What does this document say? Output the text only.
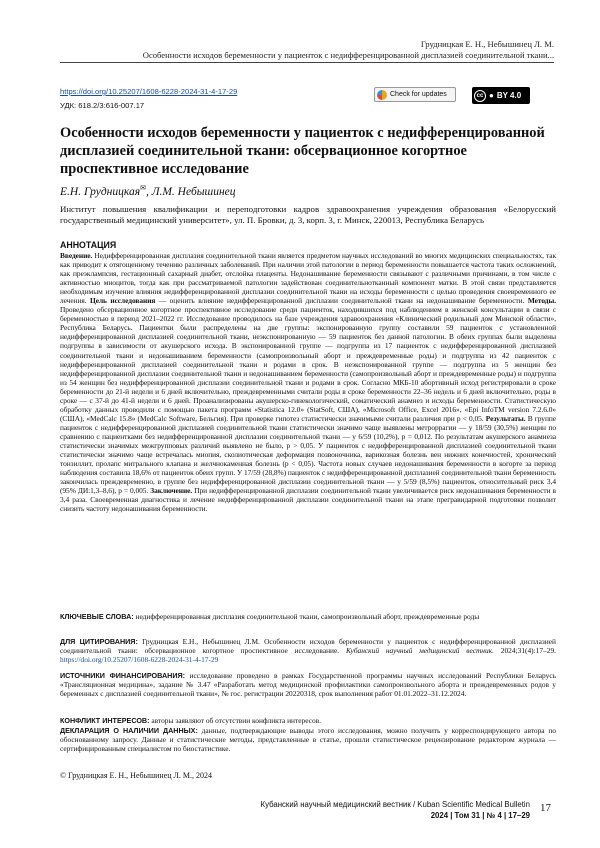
Грудницкая Е. Н., Небышинец Л. М.
Особенности исходов беременности у пациенток с недифференцированной дисплазией соединительной ткани...
https://doi.org/10.25207/1608-6228-2024-31-4-17-29
УДК: 618.2/3:616-007.17
Check for updates	cc ● BY 4.0
Особенности исходов беременности у пациенток с недифференцированной дисплазией соединительной ткани: обсервационное когортное проспективное исследование
Е.Н. Грудницкая✉, Л.М. Небышинец
Институт повышения квалификации и переподготовки кадров здравоохранения учреждения образования «Белорусский государственный медицинский университет», ул. П. Бровки, д. 3, корп. 3, г. Минск, 220013, Республика Беларусь
АННОТАЦИЯ
Введение. Недифференцированная дисплазия соединительной ткани является предметом научных исследований во многих медицинских специальностях, так как приводит к отягощенному течению различных заболеваний. При наличии этой патологии в период беременности повышается частота таких осложнений, как преэклампсия, гестационный сахарный диабет, отслойка плаценты. Недонашивание беременности связывают с различными причинами, в том числе с активностью миоцитов, тогда как при рассматриваемой патологии задействован соединительнотканный компонент матки. В этой связи представляется необходимым изучение влияния недифференцированной дисплазии соединительной ткани на исходы беременности с целью проведения своевременного ее лечения. Цель исследования — оценить влияние недифференцированной дисплазии соединительной ткани на недонашивание беременности. Методы. Проведено обсервационное когортное проспективное исследование среди пациенток, находившихся под наблюдением в женской консультации в связи с беременностью в период 2021–2022 гг. Исследование проводилось на базе учреждения здравоохранения «Клинический родильный дом Минской области», Республика Беларусь. Пациентки были распределены на две группы: экспонированную группу составили 59 пациенток с установленной недифференцированной дисплазией соединительной ткани, неэкспонированную — 59 пациенток без данной патологии. В обеих группах были выделены подгруппы в зависимости от акушерского исхода. В экспонированной группе — подгруппа из 17 пациенток с недифференцированной дисплазией соединительной ткани и недонашиванием беременности (самопроизвольный аборт и преждевременные роды) и подгруппа из 42 пациенток с недифференцированной дисплазией соединительной ткани и родами в срок. В неэкспонированной группе — подгруппа из 5 женщин без недифференцированной дисплазии соединительной ткани и недонашиванием беременности (самопроизвольный аборт и преждевременные роды) и подгруппа из 54 женщин без недифференцированной дисплазии соединительной ткани и родами в срок. Согласно МКБ-10 абортивный исход регистрировали в сроке беременности до 21-й недели и 6 дней включительно, преждевременными считали роды в сроке беременности 22–36 недель и 6 дней включительно, роды в сроке — с 37-й до 41-й недели и 6 дней. Проанализированы акушерско-гинекологический, соматический анамнез и исходы беременности. Статистическую обработку данных проводили с помощью пакета программ «Statistica 12.0» (StatSoft, США), «Microsoft Office, Excel 2016», «Epi InfoTM version 7.2.6.0» (США), «MedCalc 15.8» (MedCalc Software, Бельгия). При проверке гипотез статистически значимыми считали различия при p < 0,05. Результаты. В группе пациенток с недифференцированной дисплазией соединительной ткани статистически значимо чаще выявлены метроррагии — у 18/59 (30,5%) женщин по сравнению с пациентками без недифференцированной дисплазии соединительной ткани — у 6/59 (10,2%), p = 0,012. По результатам акушерского анамнеза статистически значимых межгрупповых различий выявлено не было, p > 0,05. У пациенток с недифференцированной дисплазией соединительной ткани статистически значимо чаще встречалась миопия, сколиотическая деформация позвоночника, варикозная болезнь вен нижних конечностей, хронический тонзиллит, пролапс митрального клапана и желчнокаменная болезнь (p < 0,05). Частота новых случаев недонашивания беременности в когорте за период наблюдения составила 18,6% от пациенток обеих групп. У 17/59 (28,8%) пациенток с недифференцированной дисплазией соединительной ткани беременность закончилась преждевременно, в группе без недифференцированной дисплазии соединительной ткани — у 5/59 (8,5%) пациенток, относительный риск 3,4 (95% ДИ:1,3–8,6), p = 0,005. Заключение. При недифференцированной дисплазии соединительной ткани увеличивается риск недонашивания беременности в 3,4 раза. Своевременная диагностика и лечение недифференцированной дисплазии соединительной ткани на этапе прегравидарной подготовки позволит снизить частоту недонашивания беременности.
КЛЮЧЕВЫЕ СЛОВА: недифференцированная дисплазия соединительной ткани, самопроизвольный аборт, преждевременные роды
ДЛЯ ЦИТИРОВАНИЯ: Грудницкая Е.Н., Небышинец Л.М. Особенности исходов беременности у пациенток с недифференцированной дисплазией соединительной ткани: обсервационное когортное проспективное исследование. Кубанский научный медицинский вестник. 2024;31(4):17–29. https://doi.org/10.25207/1608-6228-2024-31-4-17-29
ИСТОЧНИКИ ФИНАНСИРОВАНИЯ: исследование проведено в рамках Государственной программы научных исследований Республики Беларусь «Трансляционная медицина», задание № 3.47 «Разработать метод медицинской профилактики самопроизвольного аборта и преждевременных родов у беременных с дисплазией соединительной ткани», № гос. регистрации 20220318, срок выполнения работ 01.01.2022–31.12.2024.
КОНФЛИКТ ИНТЕРЕСОВ: авторы заявляют об отсутствии конфликта интересов.
ДЕКЛАРАЦИЯ О НАЛИЧИИ ДАННЫХ: данные, подтверждающие выводы этого исследования, можно получить у корреспондирующего автора по обоснованному запросу. Данные и статистические методы, представленные в статье, прошли статистическое рецензирование редактором журнала — сертифицированным специалистом по биостатистике.
© Грудницкая Е. Н., Небышинец Л. М., 2024
Кубанский научный медицинский вестник / Kuban Scientific Medical Bulletin
2024 | Том 31 | № 4 | 17–29
17
